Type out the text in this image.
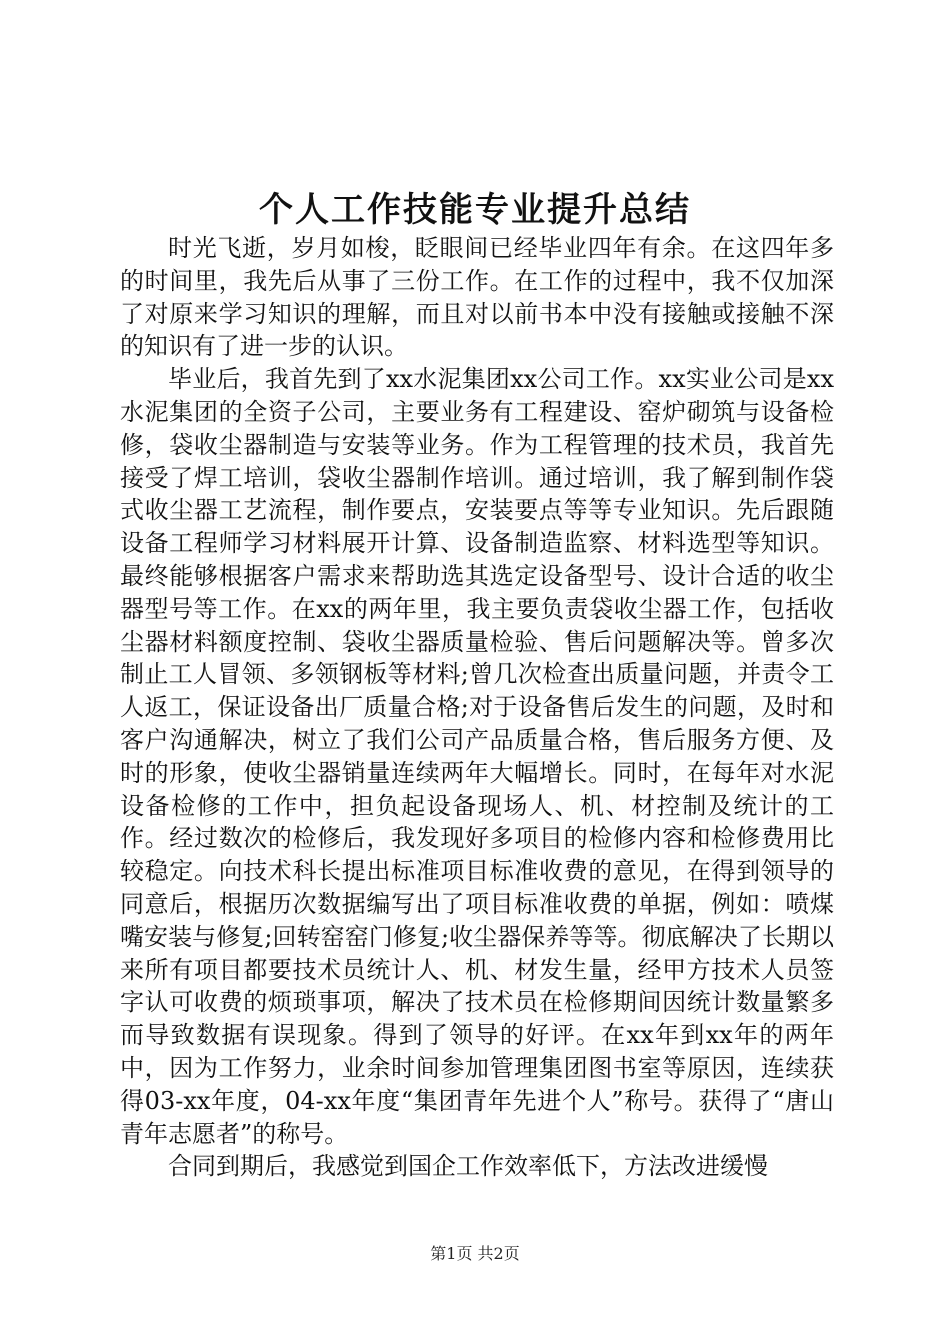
个人工作技能专业提升总结

时光飞逝，岁月如梭，眨眼间已经毕业四年有余。在这四年多的时间里，我先后从事了三份工作。在工作的过程中，我不仅加深了对原来学习知识的理解，而且对以前书本中没有接触或接触不深的知识有了进一步的认识。

毕业后，我首先到了xx水泥集团xx公司工作。xx实业公司是xx水泥集团的全资子公司，主要业务有工程建设、窑炉砌筑与设备检修，袋收尘器制造与安装等业务。作为工程管理的技术员，我首先接受了焊工培训，袋收尘器制作培训。通过培训，我了解到制作袋式收尘器工艺流程，制作要点，安装要点等等专业知识。先后跟随设备工程师学习材料展开计算、设备制造监察、材料选型等知识。最终能够根据客户需求来帮助选其选定设备型号、设计合适的收尘器型号等工作。在xx的两年里，我主要负责袋收尘器工作，包括收尘器材料额度控制、袋收尘器质量检验、售后问题解决等。曾多次制止工人冒领、多领钢板等材料;曾几次检查出质量问题，并责令工人返工，保证设备出厂质量合格;对于设备售后发生的问题，及时和客户沟通解决，树立了我们公司产品质量合格，售后服务方便、及时的形象，使收尘器销量连续两年大幅增长。同时，在每年对水泥设备检修的工作中，担负起设备现场人、机、材控制及统计的工作。经过数次的检修后，我发现好多项目的检修内容和检修费用比较稳定。向技术科长提出标准项目标准收费的意见，在得到领导的同意后，根据历次数据编写出了项目标准收费的单据，例如：喷煤嘴安装与修复;回转窑窑门修复;收尘器保养等等。彻底解决了长期以来所有项目都要技术员统计人、机、材发生量，经甲方技术人员签字认可收费的烦琐事项，解决了技术员在检修期间因统计数量繁多而导致数据有误现象。得到了领导的好评。在xx年到xx年的两年中，因为工作努力，业余时间参加管理集团图书室等原因，连续获得03-xx年度，04-xx年度“集团青年先进个人”称号。获得了“唐山青年志愿者”的称号。

合同到期后，我感觉到国企工作效率低下，方法改进缓慢

第1页 共2页
